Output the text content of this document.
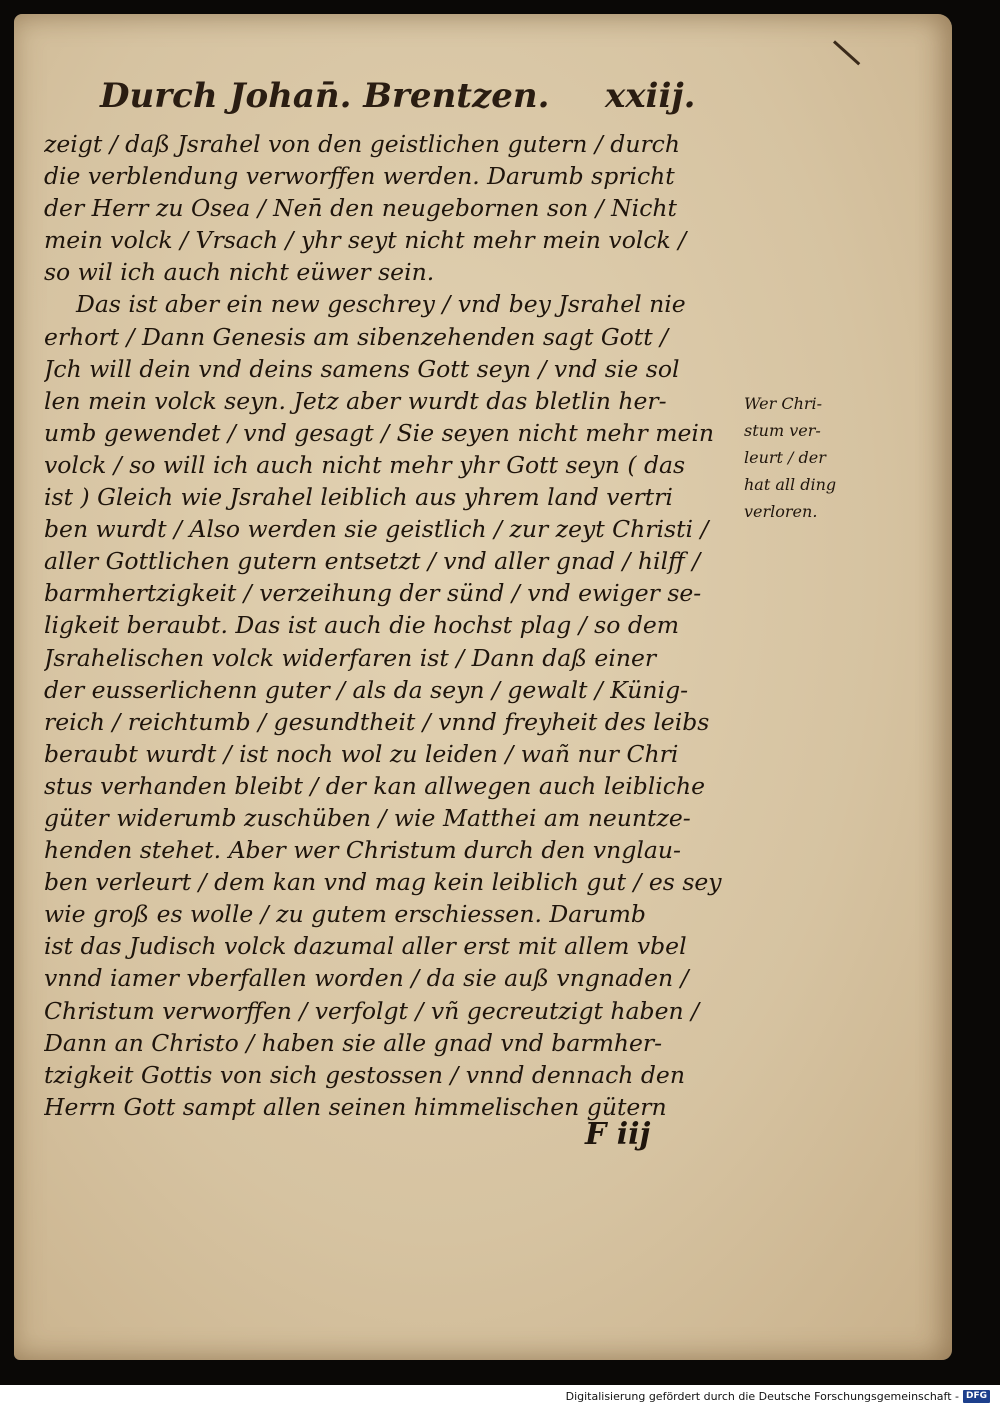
Durch Johan̄. Brentzen. xxiij.
zeigt / daß Jsrahel von den geistlichen gutern / durch
die verblendung verworffen werden. Darumb spricht
der Herr zu Osea / Nen̄ den neugebornen son / Nicht
mein volck / Vrsach / yhr seyt nicht mehr mein volck /
so wil ich auch nicht eüwer sein.
Das ist aber ein new geschrey / vnd bey Jsrahel nie
erhort / Dann Genesis am sibenzehenden sagt Gott /
Jch will dein vnd deins samens Gott seyn / vnd sie sol
len mein volck seyn. Jetz aber wurdt das bletlin her-
umb gewendet / vnd gesagt / Sie seyen nicht mehr mein
volck / so will ich auch nicht mehr yhr Gott seyn ( das
ist ) Gleich wie Jsrahel leiblich aus yhrem land vertri
ben wurdt / Also werden sie geistlich / zur zeyt Christi /
aller Gottlichen gutern entsetzt / vnd aller gnad / hilff /
barmhertzigkeit / verzeihung der sünd / vnd ewiger se-
ligkeit beraubt. Das ist auch die hochst plag / so dem
Jsrahelischen volck widerfaren ist / Dann daß einer
der eusserlichenn guter / als da seyn / gewalt / Künig-
reich / reichtumb / gesundtheit / vnnd freyheit des leibs
beraubt wurdt / ist noch wol zu leiden / wañ nur Chri
stus verhanden bleibt / der kan allwegen auch leibliche
güter widerumb zuschüben / wie Matthei am neuntze-
henden stehet. Aber wer Christum durch den vnglau-
ben verleurt / dem kan vnd mag kein leiblich gut / es sey
wie groß es wolle / zu gutem erschiessen. Darumb
ist das Judisch volck dazumal aller erst mit allem vbel
vnnd iamer vberfallen worden / da sie auß vngnaden /
Christum verworffen / verfolgt / vñ gecreutzigt haben /
Dann an Christo / haben sie alle gnad vnd barmher-
tzigkeit Gottis von sich gestossen / vnnd dennach den
Herrn Gott sampt allen seinen himmelischen gütern
F iij
Wer Chri-
stum ver-
leurt / der
hat all ding
verloren.
Digitalisierung gefördert durch die Deutsche Forschungsgemeinschaft - DFG
